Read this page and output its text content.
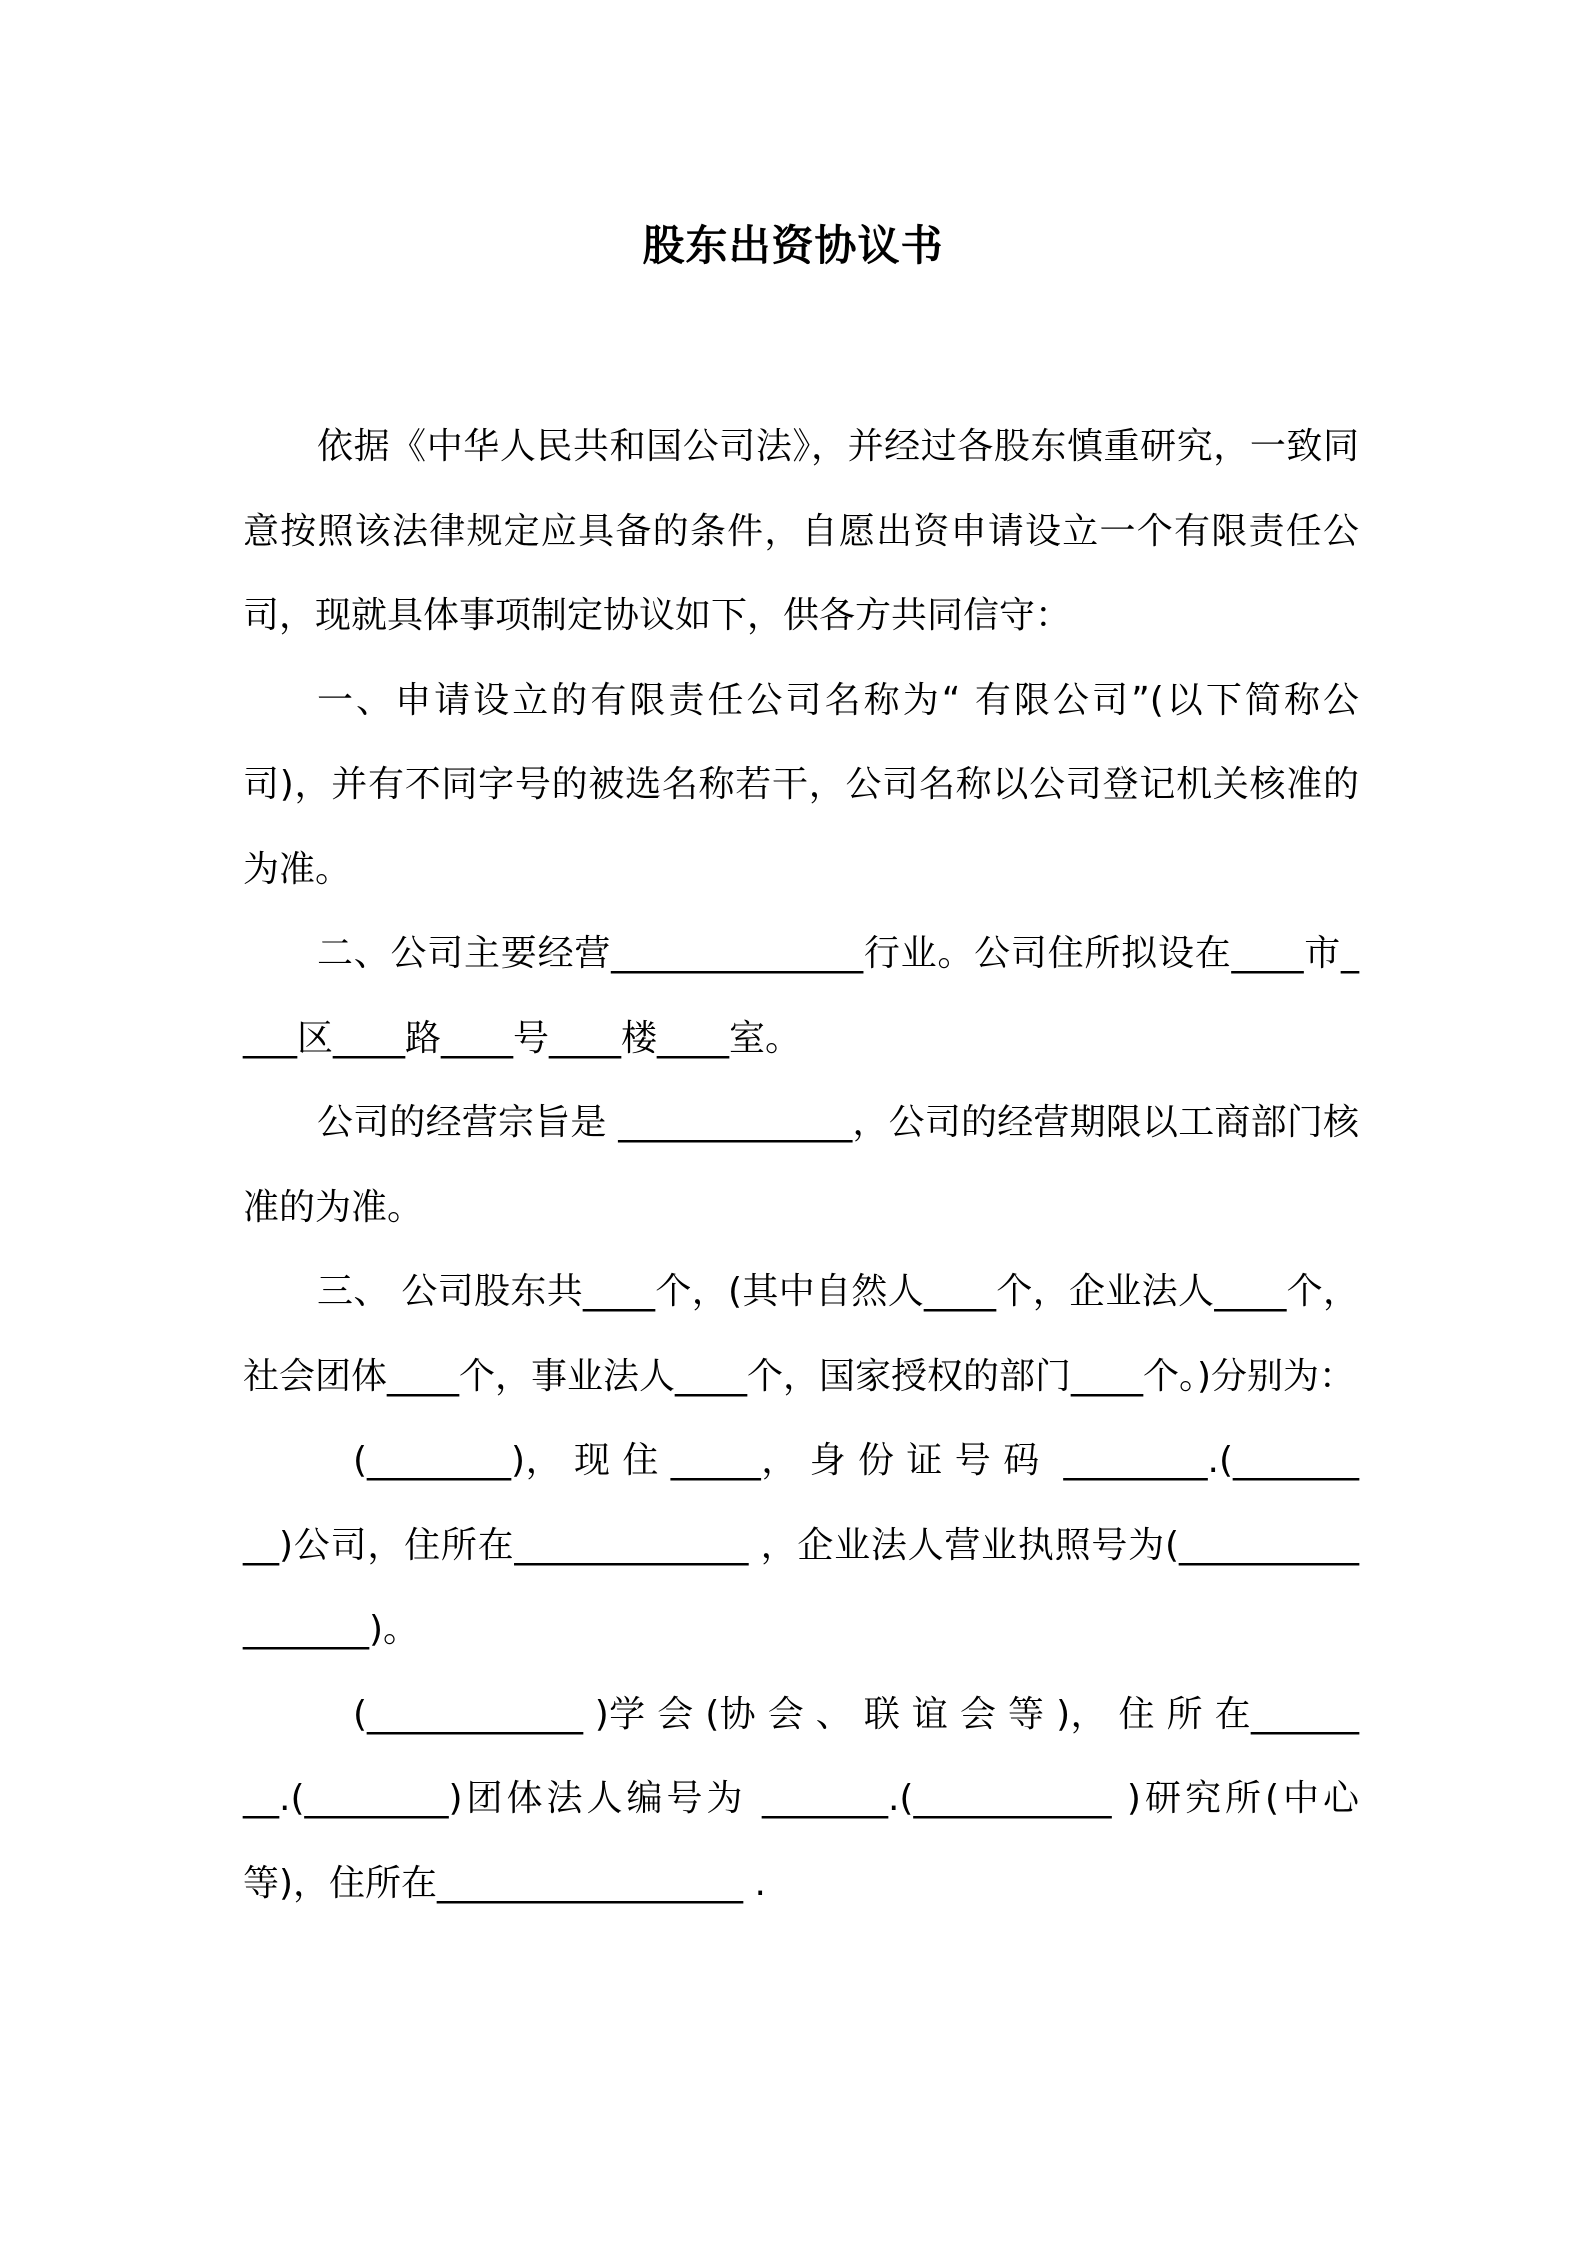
股东出资协议书

依据《中华人民共和国公司法》，并经过各股东慎重研究，一致同意按照该法律规定应具备的条件，自愿出资申请设立一个有限责任公司，现就具体事项制定协议如下，供各方共同信守：

一、申请设立的有限责任公司名称为“ 有限公司”(以下简称公司)，并有不同字号的被选名称若干，公司名称以公司登记机关核准的为准。

二、公司主要经营______________行业。公司住所拟设在____市____区____路____号____楼____室。

公司的经营宗旨是 _____________，公司的经营期限以工商部门核准的为准。

三、 公司股东共____个，(其中自然人____个，企业法人____个，社会团体____个，事业法人____个，国家授权的部门____个。)分别为：

(________)， 现 住 _____， 身 份 证 号 码  ________.(_________)公司，住所在_____________ ，企业法人营业执照号为(_________________)。

(____________ )学 会 (协 会 、 联 谊 会 等 )， 住 所 在________.(________)团体法人编号为 _______.(___________ )研究所(中心等)，住所在_________________ .
